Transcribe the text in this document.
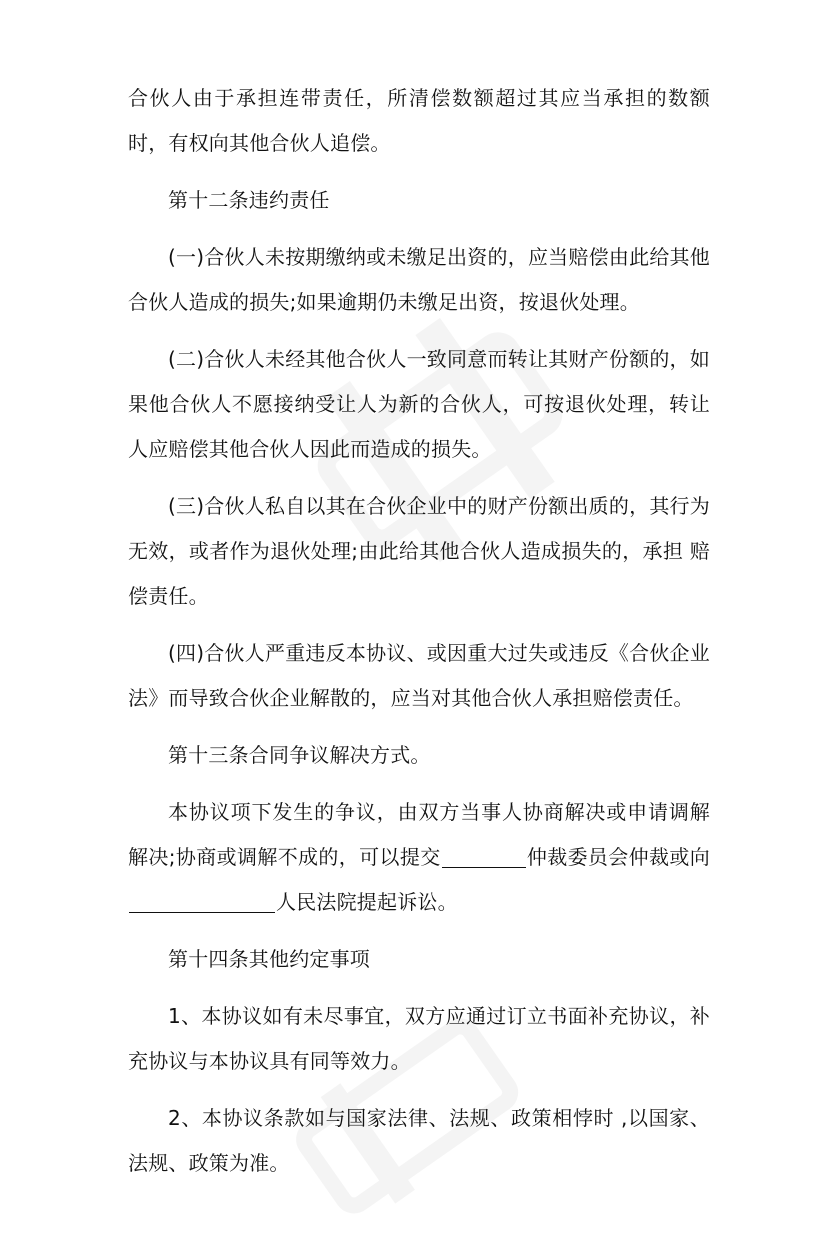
合伙人由于承担连带责任，所清偿数额超过其应当承担的数额时，有权向其他合伙人追偿。

第十二条违约责任

(一)合伙人未按期缴纳或未缴足出资的，应当赔偿由此给其他合伙人造成的损失;如果逾期仍未缴足出资，按退伙处理。

(二)合伙人未经其他合伙人一致同意而转让其财产份额的，如果他合伙人不愿接纳受让人为新的合伙人，可按退伙处理，转让人应赔偿其他合伙人因此而造成的损失。

(三)合伙人私自以其在合伙企业中的财产份额出质的，其行为无效，或者作为退伙处理;由此给其他合伙人造成损失的，承担 赔偿责任。

(四)合伙人严重违反本协议、或因重大过失或违反《合伙企业法》而导致合伙企业解散的，应当对其他合伙人承担赔偿责任。

第十三条合同争议解决方式。

本协议项下发生的争议，由双方当事人协商解决或申请调解解决;协商或调解不成的，可以提交	仲裁委员会仲裁或向人民法院提起诉讼。

第十四条其他约定事项

1、本协议如有未尽事宜，双方应通过订立书面补充协议，补充协议与本协议具有同等效力。

2、本协议条款如与国家法律、法规、政策相悖时 ,以国家、法规、政策为准。
